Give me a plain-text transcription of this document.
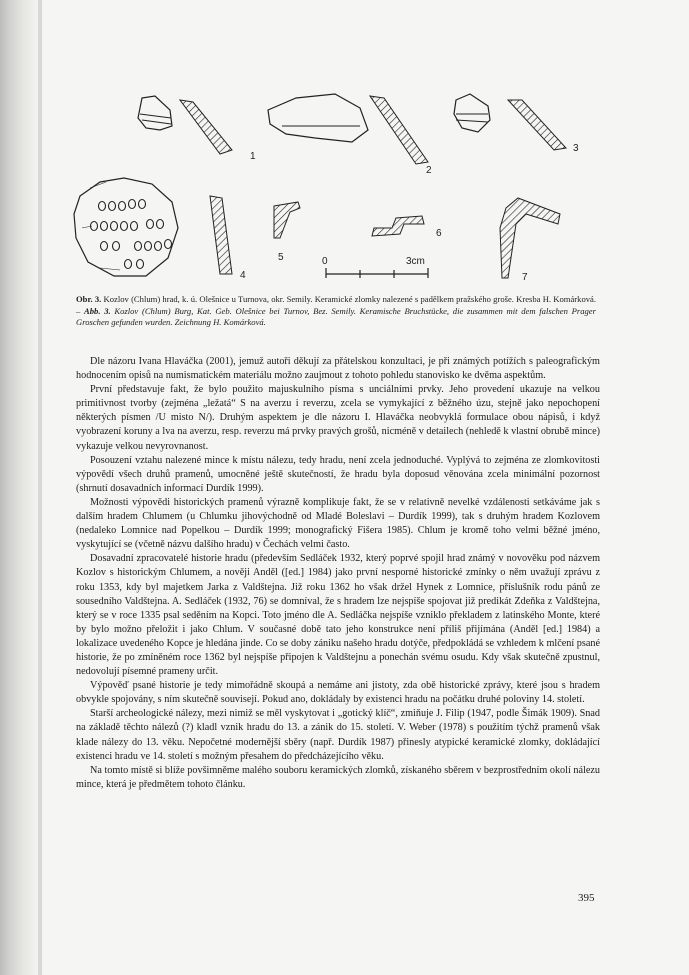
1
2
3
4
5
6
7
0	3cm
Obr. 3. Kozlov (Chlum) hrad, k. ú. Olešnice u Turnova, okr. Semily. Keramické zlomky nalezené s padělkem pražského groše. Kresba H. Komárková. – Abb. 3. Kozlov (Chlum) Burg, Kat. Geb. Olešnice bei Turnov, Bez. Semily. Keramische Bruchstücke, die zusammen mit dem falschen Prager Groschen gefunden wurden. Zeichnung H. Komárková.

Dle názoru Ivana Hlaváčka (2001), jemuž autoři děkují za přátelskou konzultaci, je při známých potížích s paleografickým hodnocením opisů na numismatickém materiálu možno zaujmout z tohoto pohledu stanovisko ke dvěma aspektům.

První představuje fakt, že bylo použito majuskulního písma s unciálními prvky. Jeho provedení ukazuje na velkou primitivnost tvorby (zejména „ležatá“ S na averzu i reverzu, zcela se vymykající z běžného úzu, stejně jako nepochopení některých písmen /U misto N/). Druhým aspektem je dle názoru I. Hlaváčka neobvyklá formulace obou nápisů, i když vyobrazení koruny a lva na averzu, resp. reverzu má prvky pravých grošů, nicméně v detailech (nehledě k vlastní obrubě mince) vykazuje velkou nevyrovnanost.

Posouzení vztahu nalezené mince k místu nálezu, tedy hradu, není zcela jednoduché. Vyplývá to zejména ze zlomkovitosti výpovědí všech druhů pramenů, umocněné ještě skutečností, že hradu byla doposud věnována zcela minimální pozornost (shrnutí dosavadních informací Durdík 1999).

Možnosti výpovědi historických pramenů výrazně komplikuje fakt, že se v relativně nevelké vzdálenosti setkáváme jak s dalším hradem Chlumem (u Chlumku jihovýchodně od Mladé Boleslavi – Durdík 1999), tak s druhým hradem Kozlovem (nedaleko Lomnice nad Popelkou – Durdík 1999; monografický Fišera 1985). Chlum je kromě toho velmi běžné jméno, vyskytující se (včetně názvu dalšího hradu) v Čechách velmi často.

Dosavadní zpracovatelé historie hradu (především Sedláček 1932, který poprvé spojil hrad známý v novověku pod názvem Kozlov s historickým Chlumem, a nověji Anděl ([ed.] 1984) jako první nesporné historické zmínky o něm uvažují zprávu z roku 1353, kdy byl majetkem Jarka z Valdštejna. Již roku 1362 ho však držel Hynek z Lomnice, příslušník rodu pánů ze sousedního Valdštejna. A. Sedláček (1932, 76) se domníval, že s hradem lze nejspíše spojovat již predikát Zdeňka z Valdštejna, který se v roce 1335 psal seděním na Kopci. Toto jméno dle A. Sedláčka nejspíše vzniklo překladem z latinského Monte, které by bylo možno přeložit i jako Chlum. V současné době tato jeho konstrukce není příliš přijímána (Anděl [ed.] 1984) a lokalizace uvedeného Kopce je hledána jinde. Co se doby zániku našeho hradu dotýče, předpokládá se vzhledem k mlčení psané historie, že po zmíněném roce 1362 byl nejspíše připojen k Valdštejnu a ponechán svému osudu. Kdy však skutečně zpustnul, nedovolují písemné prameny určit.

Výpověď psané historie je tedy mimořádně skoupá a nemáme ani jistoty, zda obě historické zprávy, které jsou s hradem obvykle spojovány, s ním skutečně souvisejí. Pokud ano, dokládaly by existenci hradu na počátku druhé poloviny 14. století.

Starší archeologické nálezy, mezi nimiž se měl vyskytovat i „gotický klíč“, zmiňuje J. Filip (1947, podle Šimák 1909). Snad na základě těchto nálezů (?) kladl vznik hradu do 13. a zánik do 15. století. V. Weber (1978) s použitím týchž pramenů však klade nálezy do 13. věku. Nepočetné modernější sběry (např. Durdík 1987) přinesly atypické keramické zlomky, dokládající existenci hradu ve 14. století s možným přesahem do předcházejícího věku.

Na tomto místě si blíže povšimněme malého souboru keramických zlomků, získaného sběrem v bezprostředním okolí nálezu mince, která je předmětem tohoto článku.

395
